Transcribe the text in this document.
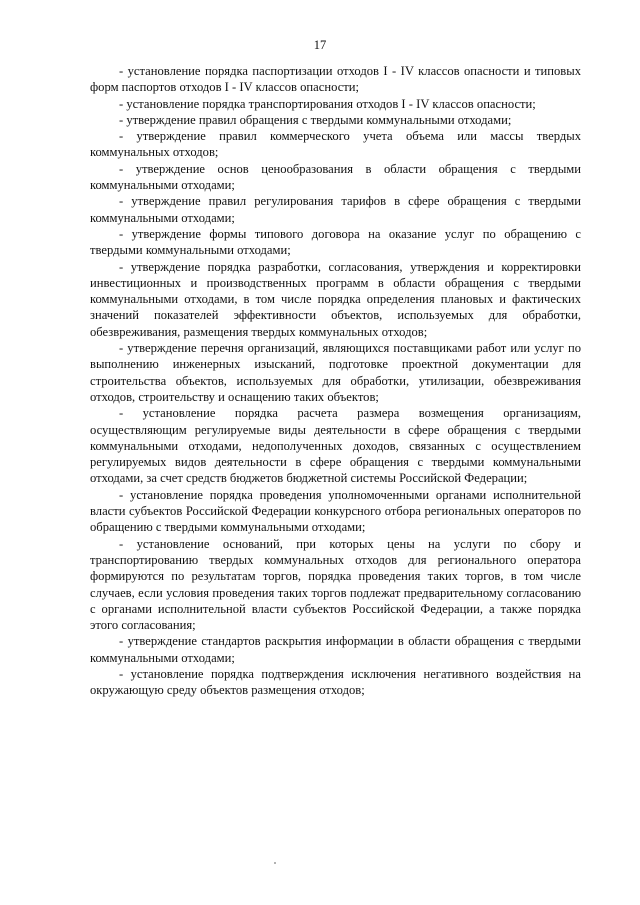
17

- установление порядка паспортизации отходов I - IV классов опасности и типовых форм паспортов отходов I - IV классов опасности;

- установление порядка транспортирования отходов I - IV классов опасности;

- утверждение правил обращения с твердыми коммунальными отходами;

- утверждение правил коммерческого учета объема или массы твердых коммунальных отходов;

- утверждение основ ценообразования в области обращения с твердыми коммунальными отходами;

- утверждение правил регулирования тарифов в сфере обращения с твердыми коммунальными отходами;

- утверждение формы типового договора на оказание услуг по обращению с твердыми коммунальными отходами;

- утверждение порядка разработки, согласования, утверждения и корректировки инвестиционных и производственных программ в области обращения с твердыми коммунальными отходами, в том числе порядка определения плановых и фактических значений показателей эффективности объектов, используемых для обработки, обезвреживания, размещения твердых коммунальных отходов;

- утверждение перечня организаций, являющихся поставщиками работ или услуг по выполнению инженерных изысканий, подготовке проектной документации для строительства объектов, используемых для обработки, утилизации, обезвреживания отходов, строительству и оснащению таких объектов;

- установление порядка расчета размера возмещения организациям, осуществляющим регулируемые виды деятельности в сфере обращения с твердыми коммунальными отходами, недополученных доходов, связанных с осуществлением регулируемых видов деятельности в сфере обращения с твердыми коммунальными отходами, за счет средств бюджетов бюджетной системы Российской Федерации;

- установление порядка проведения уполномоченными органами исполнительной власти субъектов Российской Федерации конкурсного отбора региональных операторов по обращению с твердыми коммунальными отходами;

- установление оснований, при которых цены на услуги по сбору и транспортированию твердых коммунальных отходов для регионального оператора формируются по результатам торгов, порядка проведения таких торгов, в том числе случаев, если условия проведения таких торгов подлежат предварительному согласованию с органами исполнительной власти субъектов Российской Федерации, а также порядка этого согласования;

- утверждение стандартов раскрытия информации в области обращения с твердыми коммунальными отходами;

- установление порядка подтверждения исключения негативного воздействия на окружающую среду объектов размещения отходов;
